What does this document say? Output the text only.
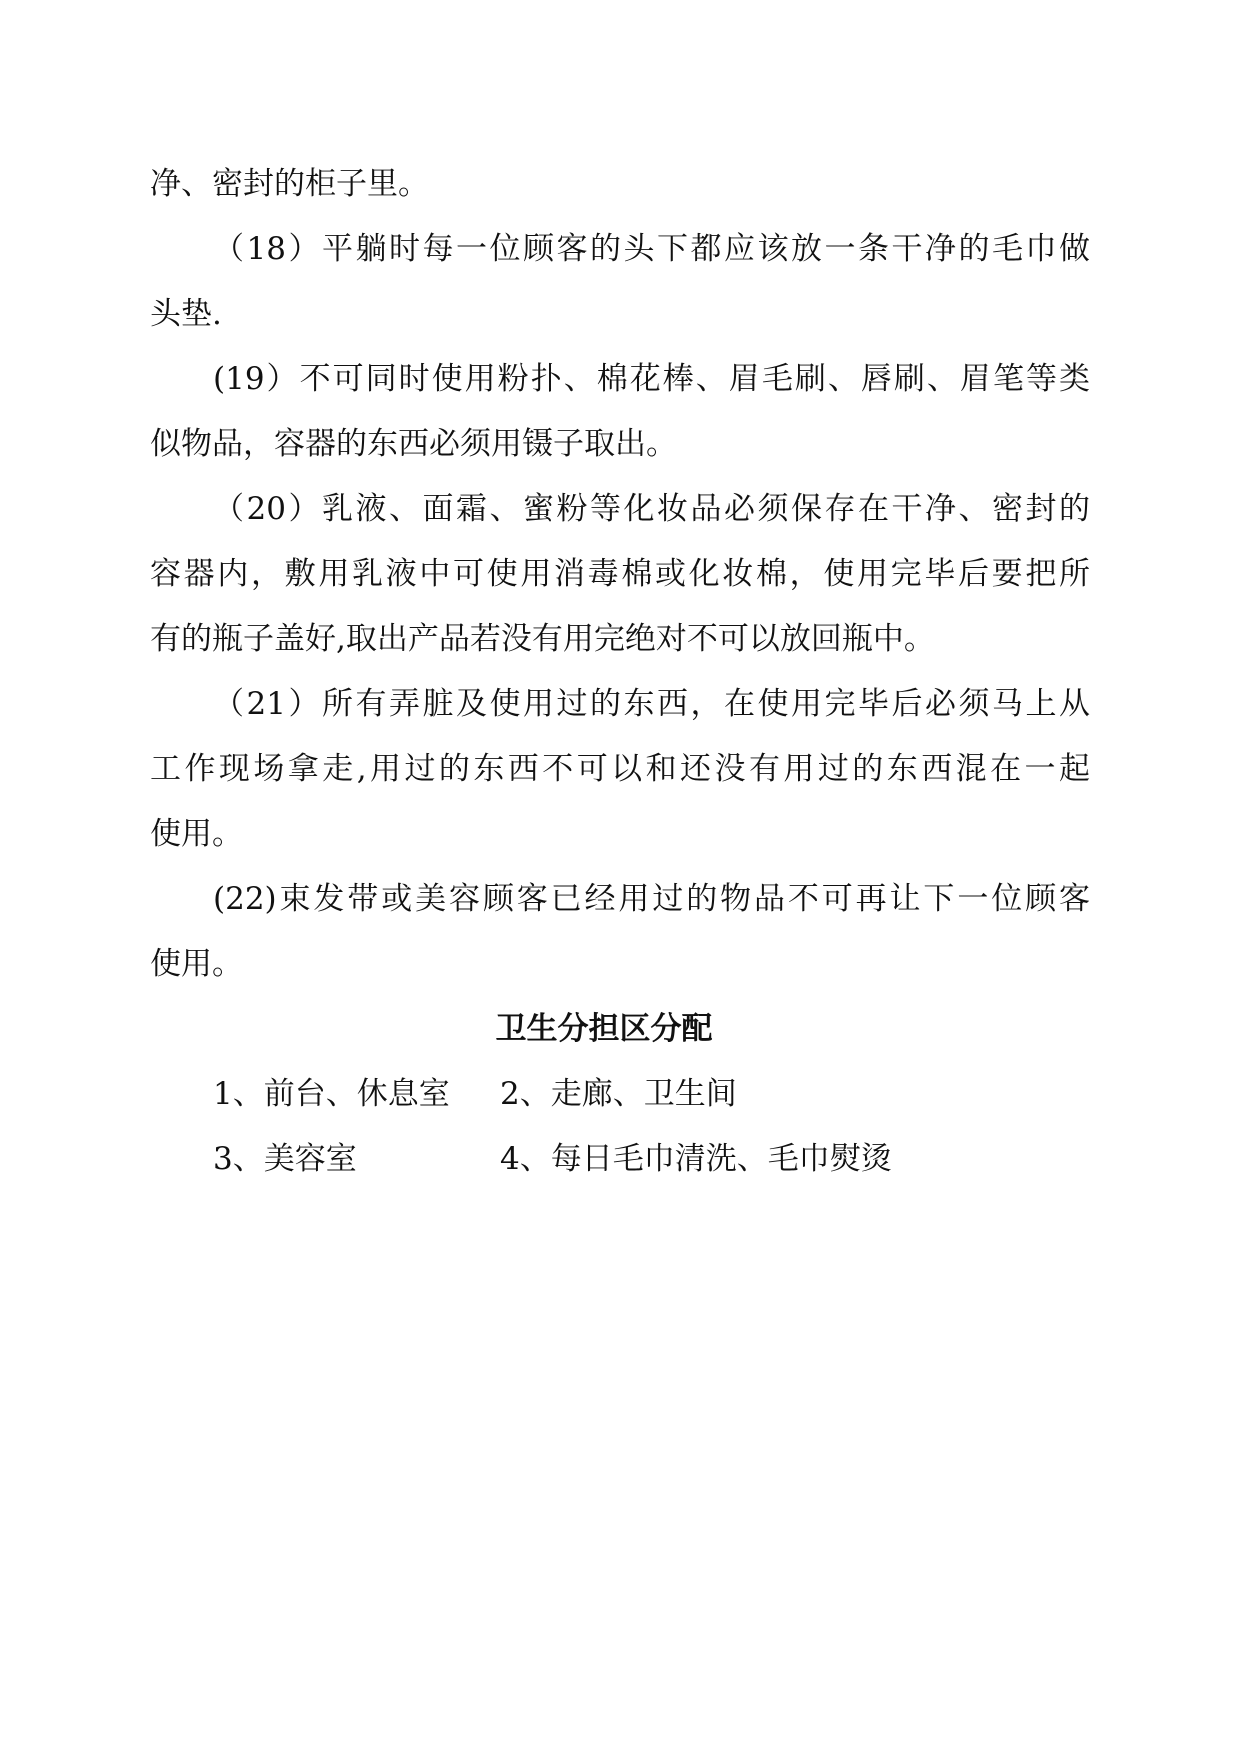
净、密封的柜子里。
（18）平躺时每一位顾客的头下都应该放一条干净的毛巾做
头垫.
(19）不可同时使用粉扑、棉花棒、眉毛刷、唇刷、眉笔等类
似物品，容器的东西必须用镊子取出。
（20）乳液、面霜、蜜粉等化妆品必须保存在干净、密封的
容器内，敷用乳液中可使用消毒棉或化妆棉，使用完毕后要把所
有的瓶子盖好,取出产品若没有用完绝对不可以放回瓶中。
（21）所有弄脏及使用过的东西，在使用完毕后必须马上从
工作现场拿走,用过的东西不可以和还没有用过的东西混在一起
使用。
(22)束发带或美容顾客已经用过的物品不可再让下一位顾客
使用。
卫生分担区分配
1、前台、休息室 2、走廊、卫生间
3、美容室	4、每日毛巾清洗、毛巾熨烫
